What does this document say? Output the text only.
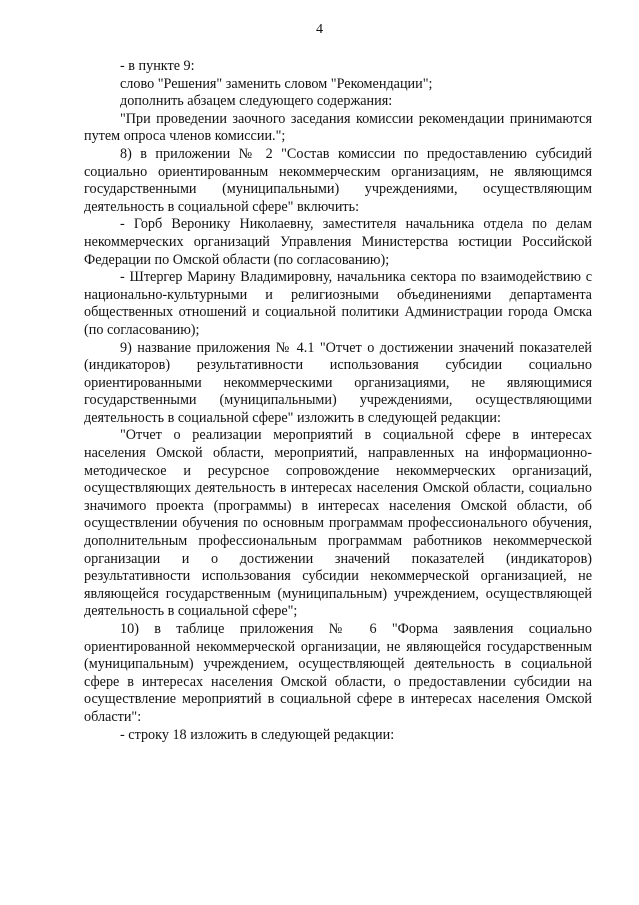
4

- в пункте 9:

слово "Решения" заменить словом "Рекомендации";

дополнить абзацем следующего содержания:

"При проведении заочного заседания комиссии рекомендации принимаются путем опроса членов комиссии.";

8) в приложении № 2 "Состав комиссии по предоставлению субсидий социально ориентированным некоммерческим организациям, не являющимся государственными (муниципальными) учреждениями, осуществляющим деятельность в социальной сфере" включить:

- Горб Веронику Николаевну, заместителя начальника отдела по делам некоммерческих организаций Управления Министерства юстиции Российской Федерации по Омской области (по согласованию);

- Штергер Марину Владимировну, начальника сектора по взаимодействию с национально-культурными и религиозными объединениями департамента общественных отношений и социальной политики Администрации города Омска (по согласованию);

9) название приложения № 4.1 "Отчет о достижении значений показателей (индикаторов) результативности использования субсидии социально ориентированными некоммерческими организациями, не являющимися государственными (муниципальными) учреждениями, осуществляющими деятельность в социальной сфере" изложить в следующей редакции:

"Отчет о реализации мероприятий в социальной сфере в интересах населения Омской области, мероприятий, направленных на информационно-методическое и ресурсное сопровождение некоммерческих организаций, осуществляющих деятельность в интересах населения Омской области, социально значимого проекта (программы) в интересах населения Омской области, об осуществлении обучения по основным программам профессионального обучения, дополнительным профессиональным программам работников некоммерческой организации и о достижении значений показателей (индикаторов) результативности использования субсидии некоммерческой организацией, не являющейся государственным (муниципальным) учреждением, осуществляющей деятельность в социальной сфере";

10) в таблице приложения № 6 "Форма заявления социально ориентированной некоммерческой организации, не являющейся государственным (муниципальным) учреждением, осуществляющей деятельность в социальной сфере в интересах населения Омской области, о предоставлении субсидии на осуществление мероприятий в социальной сфере в интересах населения Омской области":

- строку 18 изложить в следующей редакции:
